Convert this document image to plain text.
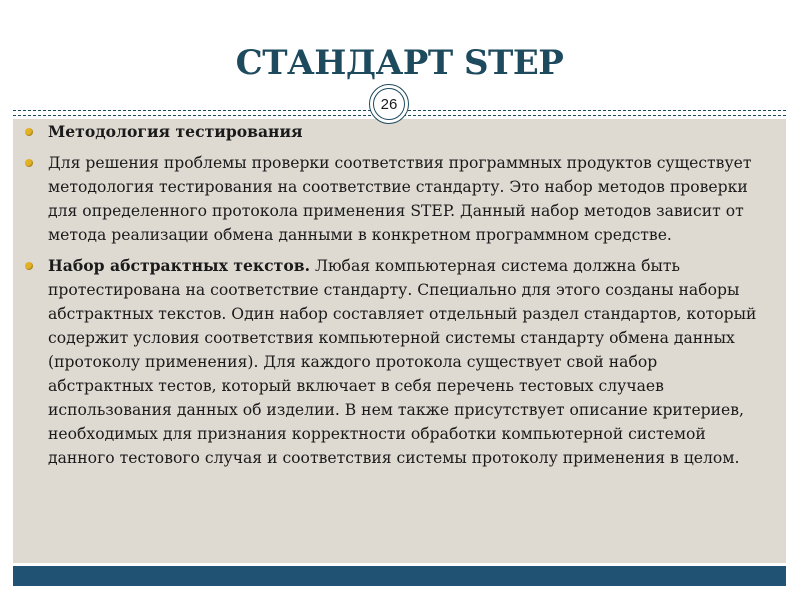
СТАНДАРТ STEP
26
Методология тестирования
Для решения проблемы проверки соответствия программных продуктов существует методология тестирования на соответствие стандарту. Это набор методов проверки для определенного протокола применения STEP. Данный набор методов зависит от метода реализации обмена данными в конкретном программном средстве.
Набор абстрактных текстов. Любая компьютерная система должна быть протестирована на соответствие стандарту. Специально для этого созданы наборы абстрактных текстов. Один набор составляет отдельный раздел стандартов, который содержит условия соответствия компьютерной системы стандарту обмена данных (протоколу применения). Для каждого протокола существует свой набор абстрактных тестов, который включает в себя перечень тестовых случаев использования данных об изделии. В нем также присутствует описание критериев, необходимых для признания корректности обработки компьютерной системой данного тестового случая и соответствия системы протоколу применения в целом.
